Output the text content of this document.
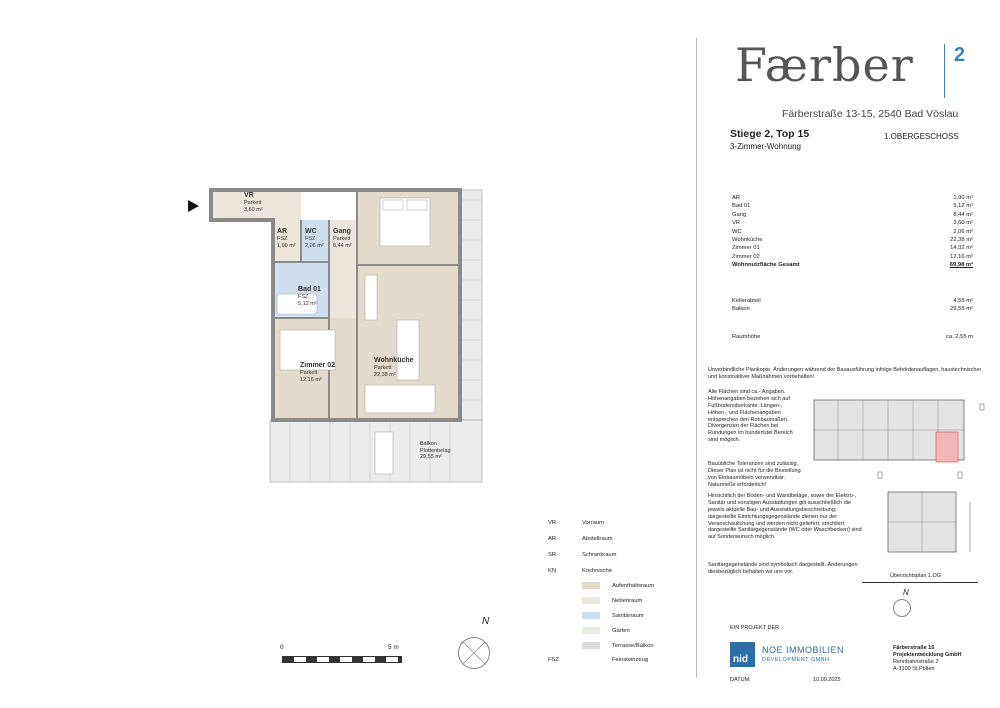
VR
Parkett
3,60 m²
AR
FSZ
1,90 m²
WC
FSZ
2,06 m²
Gang
Parkett
8,44 m²
Bad 01
FSZ
5,12 m²
Zimmer 02
Parkett
12,16 m²
Wohnküche
Parkett
22,38 m²
Balkon
Plattenbelag
29,55 m²
0	5 m
N
VR	Vorraum
AR	Abstellraum
SR	Schrankraum
KN	Kochnische
Aufenthaltsraum
Nebenraum
Sanitärraum
Garten
Terrasse/Balkon
FSZ	Feinsteinzeug
Færber 2
Färberstraße 13-15, 2540 Bad Vöslau
Stiege 2, Top 15
3-Zimmer-Wohnung
1.OBERGESCHOSS
AR	1,90 m²
Bad 01	5,12 m²
Gang	8,44 m²
VR	3,60 m²
WC	2,06 m²
Wohnküche	22,38 m²
Zimmer 01	14,32 m²
Zimmer 02	12,16 m²
Wohnnutzfläche Gesamt	69,98 m²
Kellerabteil	4,55 m²
Balkon	29,55 m²
Raumhöhe	ca. 2,55 m
Unverbindliche Plankopie. Änderungen während der Bauausführung infolge Behördenauflagen, haustechnischer und konstruktiver Maßnahmen vorbehalten!
Alle Flächen sind ca.- Angaben. Höhenangaben beziehen sich auf Fußbodenoberkante. Längen-, Höhen-, und Flächenangaben entsprechen den Rohbaumaßen. Divergenzen der Flächen bei Rundungen im hundertstel Bereich sind möglich.
Bauübliche Toleranzen sind zulässig. Dieser Plan ist nicht für die Bestellung von Einbaumöbeln verwendbar. Naturmeße erforderlich!
Hinsichtlich der Boden- und Wandbeläge, sowie der Elektro-, Sanitär und sonstigen Ausstattungen gilt ausschließlich die jeweils aktuelle Bau- und Ausstattungsbeschreibung; dargestellte Einrichtungsgegenstände dienen nur der Veranschaulichung und werden nicht geliefert; strichliert dargestellte Sanitärgegenstände (WC oder Waschbecken) sind auf Sonderwunsch möglich.
Sanitärgegenstände sind symbolisch dargestellt. Änderungen diesbezüglich behalten wir uns vor.
Übersichtsplan 1.OG
N
EIN PROJEKT DER
nid
NOE IMMOBILIEN
DEVELOPMENT GMBH
Färberstraße 15
Projektentwicklung GmbH
Rennbahnstraße 2
A-3100 St.Pölten
DATUM:	10.09.2025
